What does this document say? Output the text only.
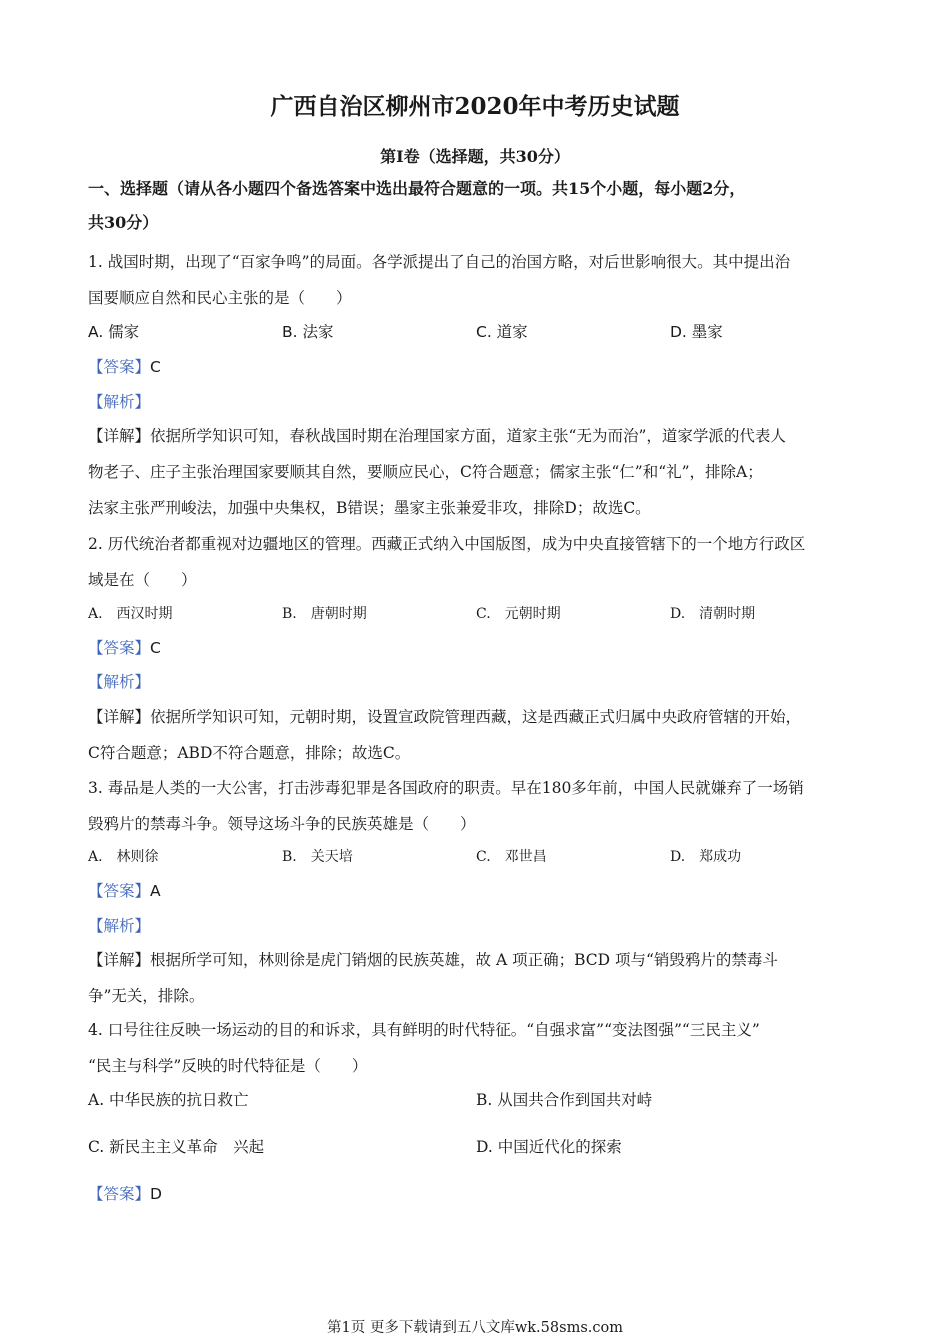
广西自治区柳州市2020年中考历史试题
第Ⅰ卷（选择题，共30分）
一、选择题（请从各小题四个备选答案中选出最符合题意的一项。共15个小题，每小题2分，
共30分）
1. 战国时期，出现了“百家争鸣”的局面。各学派提出了自己的治国方略，对后世影响很大。其中提出治
国要顺应自然和民心主张的是（　　）
A. 儒家	B. 法家	C. 道家	D. 墨家
【答案】C
【解析】
【详解】依据所学知识可知，春秋战国时期在治理国家方面，道家主张“无为而治”，道家学派的代表人
物老子、庄子主张治理国家要顺其自然，要顺应民心，C符合题意；儒家主张“仁”和“礼”，排除A；
法家主张严刑峻法，加强中央集权，B错误；墨家主张兼爱非攻，排除D；故选C。
2. 历代统治者都重视对边疆地区的管理。西藏正式纳入中国版图，成为中央直接管辖下的一个地方行政区
域是在（　　）
A.　西汉时期	B.　唐朝时期	C.　元朝时期	D.　清朝时期
【答案】C
【解析】
【详解】依据所学知识可知，元朝时期，设置宣政院管理西藏，这是西藏正式归属中央政府管辖的开始，
C符合题意；ABD不符合题意，排除；故选C。
3. 毒品是人类的一大公害，打击涉毒犯罪是各国政府的职责。早在180多年前，中国人民就嫌弃了一场销
毁鸦片的禁毒斗争。领导这场斗争的民族英雄是（　　）
A.　林则徐	B.　关天培	C.　邓世昌	D.　郑成功
【答案】A
【解析】
【详解】根据所学可知，林则徐是虎门销烟的民族英雄，故 A 项正确；BCD 项与“销毁鸦片的禁毒斗
争”无关，排除。
4. 口号往往反映一场运动的目的和诉求，具有鲜明的时代特征。“自强求富”“变法图强”“三民主义”
“民主与科学”反映的时代特征是（　　）
A. 中华民族的抗日救亡	B. 从国共合作到国共对峙
C. 新民主主义革命　兴起	D. 中国近代化的探索
【答案】D
第1页 更多下载请到五八文库wk.58sms.com
